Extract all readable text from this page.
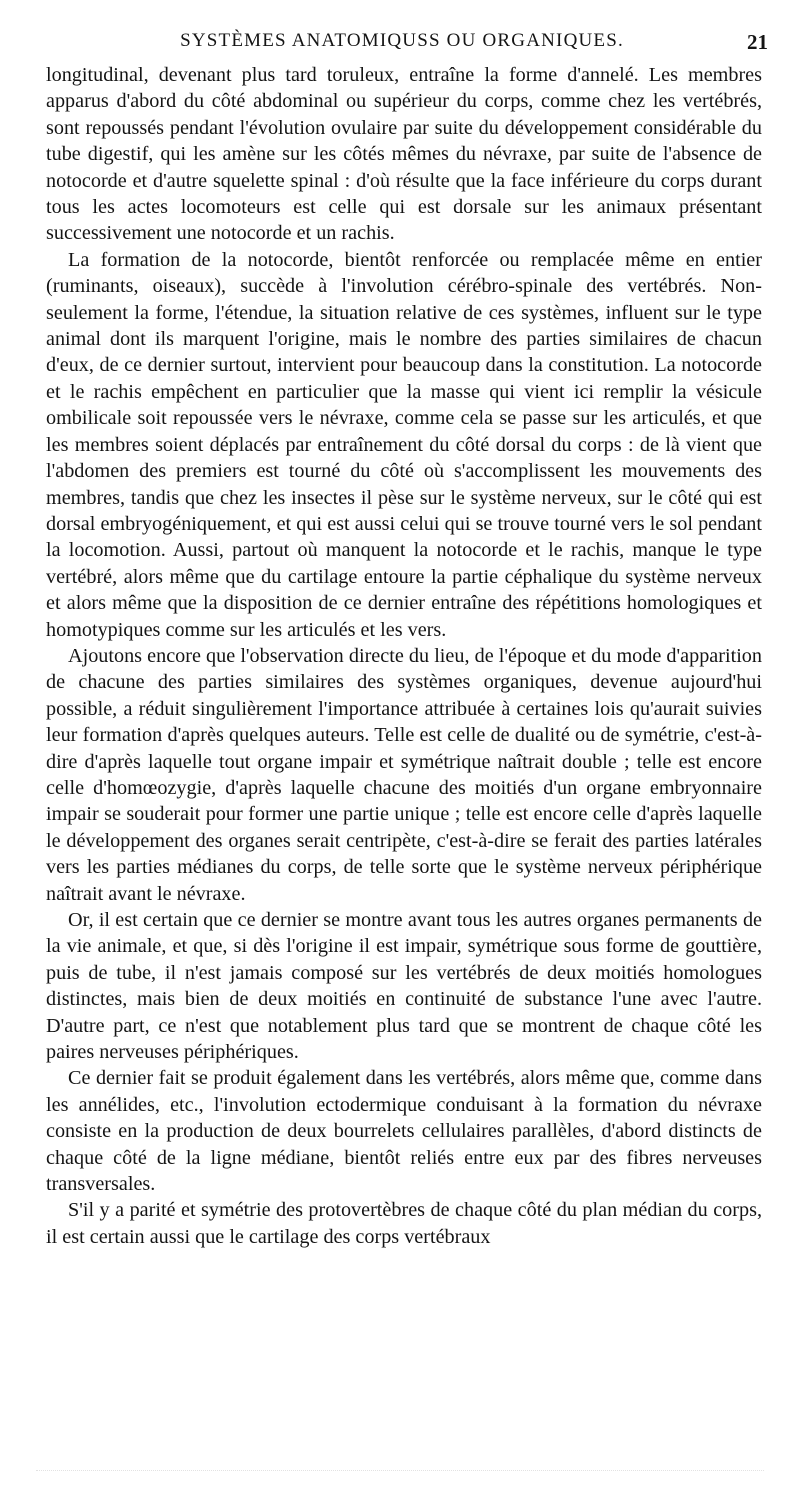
SYSTÈMES ANATOMIQUSS OU ORGANIQUES.	21

longitudinal, devenant plus tard toruleux, entraîne la forme d'annelé. Les membres apparus d'abord du côté abdominal ou supérieur du corps, comme chez les vertébrés, sont repoussés pendant l'évolution ovulaire par suite du développement considérable du tube digestif, qui les amène sur les côtés mêmes du névraxe, par suite de l'absence de notocorde et d'autre squelette spinal : d'où résulte que la face inférieure du corps durant tous les actes locomoteurs est celle qui est dorsale sur les animaux présentant successivement une notocorde et un rachis.

La formation de la notocorde, bientôt renforcée ou remplacée même en entier (ruminants, oiseaux), succède à l'involution cérébro-spinale des vertébrés. Non-seulement la forme, l'étendue, la situation relative de ces systèmes, influent sur le type animal dont ils marquent l'origine, mais le nombre des parties similaires de chacun d'eux, de ce dernier surtout, intervient pour beaucoup dans la constitution. La notocorde et le rachis empêchent en particulier que la masse qui vient ici remplir la vésicule ombilicale soit repoussée vers le névraxe, comme cela se passe sur les articulés, et que les membres soient déplacés par entraînement du côté dorsal du corps : de là vient que l'abdomen des premiers est tourné du côté où s'accomplissent les mouvements des membres, tandis que chez les insectes il pèse sur le système nerveux, sur le côté qui est dorsal embryogéniquement, et qui est aussi celui qui se trouve tourné vers le sol pendant la locomotion. Aussi, partout où manquent la notocorde et le rachis, manque le type vertébré, alors même que du cartilage entoure la partie céphalique du système nerveux et alors même que la disposition de ce dernier entraîne des répétitions homologiques et homotypiques comme sur les articulés et les vers.

Ajoutons encore que l'observation directe du lieu, de l'époque et du mode d'apparition de chacune des parties similaires des systèmes organiques, devenue aujourd'hui possible, a réduit singulièrement l'importance attribuée à certaines lois qu'aurait suivies leur formation d'après quelques auteurs. Telle est celle de dualité ou de symétrie, c'est-à-dire d'après laquelle tout organe impair et symétrique naîtrait double ; telle est encore celle d'homœozygie, d'après laquelle chacune des moitiés d'un organe embryonnaire impair se souderait pour former une partie unique ; telle est encore celle d'après laquelle le développement des organes serait centripète, c'est-à-dire se ferait des parties latérales vers les parties médianes du corps, de telle sorte que le système nerveux périphérique naîtrait avant le névraxe.

Or, il est certain que ce dernier se montre avant tous les autres organes permanents de la vie animale, et que, si dès l'origine il est impair, symétrique sous forme de gouttière, puis de tube, il n'est jamais composé sur les vertébrés de deux moitiés homologues distinctes, mais bien de deux moitiés en continuité de substance l'une avec l'autre. D'autre part, ce n'est que notablement plus tard que se montrent de chaque côté les paires nerveuses périphériques.

Ce dernier fait se produit également dans les vertébrés, alors même que, comme dans les annélides, etc., l'involution ectodermique conduisant à la formation du névraxe consiste en la production de deux bourrelets cellulaires parallèles, d'abord distincts de chaque côté de la ligne médiane, bientôt reliés entre eux par des fibres nerveuses transversales.

S'il y a parité et symétrie des protovertèbres de chaque côté du plan médian du corps, il est certain aussi que le cartilage des corps vertébraux
